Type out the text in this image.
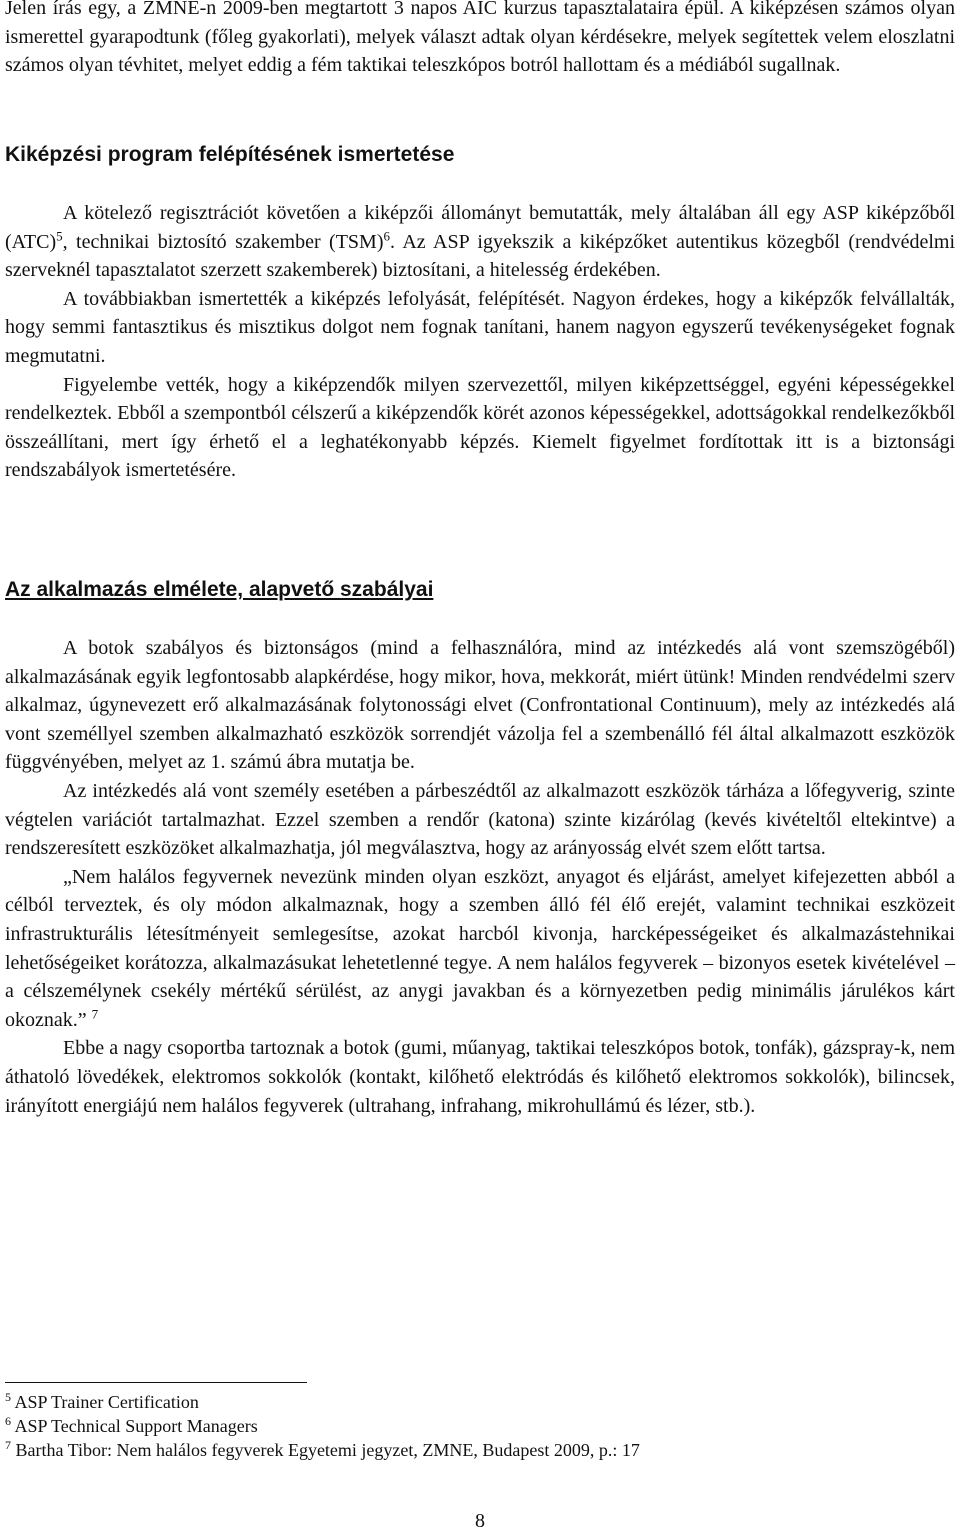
Jelen írás egy, a ZMNE-n 2009-ben megtartott 3 napos AIC kurzus tapasztalataira épül. A kiképzésen számos olyan ismerettel gyarapodtunk (főleg gyakorlati), melyek választ adtak olyan kérdésekre, melyek segítettek velem eloszlatni számos olyan tévhitet, melyet eddig a fém taktikai teleszkópos botról hallottam és a médiából sugallnak.

Kiképzési program felépítésének ismertetése

A kötelező regisztrációt követően a kiképzői állományt bemutatták, mely általában áll egy ASP kiképzőből (ATC)$^5$, technikai biztosító szakember (TSM)$^6$. Az ASP igyekszik a kiképzőket autentikus közegből (rendvédelmi szerveknél tapasztalatot szerzett szakemberek) biztosítani, a hitelesség érdekében.

A továbbiakban ismertették a kiképzés lefolyását, felépítését. Nagyon érdekes, hogy a kiképzők felvállalták, hogy semmi fantasztikus és misztikus dolgot nem fognak tanítani, hanem nagyon egyszerű tevékenységeket fognak megmutatni.

Figyelembe vették, hogy a kiképzendők milyen szervezettől, milyen kiképzettséggel, egyéni képességekkel rendelkeztek. Ebből a szempontból célszerű a kiképzendők körét azonos képességekkel, adottságokkal rendelkezőkből összeállítani, mert így érhető el a leghatékonyabb képzés. Kiemelt figyelmet fordítottak itt is a biztonsági rendszabályok ismertetésére.

Az alkalmazás elmélete, alapvető szabályai

A botok szabályos és biztonságos (mind a felhasználóra, mind az intézkedés alá vont szemszögéből) alkalmazásának egyik legfontosabb alapkérdése, hogy mikor, hova, mekkorát, miért ütünk! Minden rendvédelmi szerv alkalmaz, úgynevezett erő alkalmazásának folytonossági elvet (Confrontational Continuum), mely az intézkedés alá vont személlyel szemben alkalmazható eszközök sorrendjét vázolja fel a szembenálló fél által alkalmazott eszközök függvényében, melyet az 1. számú ábra mutatja be.

Az intézkedés alá vont személy esetében a párbeszédtől az alkalmazott eszközök tárháza a lőfegyverig, szinte végtelen variációt tartalmazhat. Ezzel szemben a rendőr (katona) szinte kizárólag (kevés kivételtől eltekintve) a rendszeresített eszközöket alkalmazhatja, jól megválasztva, hogy az arányosság elvét szem előtt tartsa.

„Nem halálos fegyvernek nevezünk minden olyan eszközt, anyagot és eljárást, amelyet kifejezetten abból a célból terveztek, és oly módon alkalmaznak, hogy a szemben álló fél élő erejét, valamint technikai eszközeit infrastrukturális létesítményeit semlegesítse, azokat harcból kivonja, harcképességeiket és alkalmazástehnikai lehetőségeiket korátozza, alkalmazásukat lehetetlenné tegye. A nem halálos fegyverek – bizonyos esetek kivételével – a célszemélynek csekély mértékű sérülést, az anygi javakban és a környezetben pedig minimális járulékos kárt okoznak.” $^7$

Ebbe a nagy csoportba tartoznak a botok (gumi, műanyag, taktikai teleszkópos botok, tonfák), gázspray-k, nem áthatoló lövedékek, elektromos sokkolók (kontakt, kilőhető elektródás és kilőhető elektromos sokkolók), bilincsek, irányított energiájú nem halálos fegyverek (ultrahang, infrahang, mikrohullámú és lézer, stb.).

$^5$ ASP Trainer Certification
$^6$ ASP Technical Support Managers
$^7$ Bartha Tibor: Nem halálos fegyverek Egyetemi jegyzet, ZMNE, Budapest 2009, p.: 17
8
